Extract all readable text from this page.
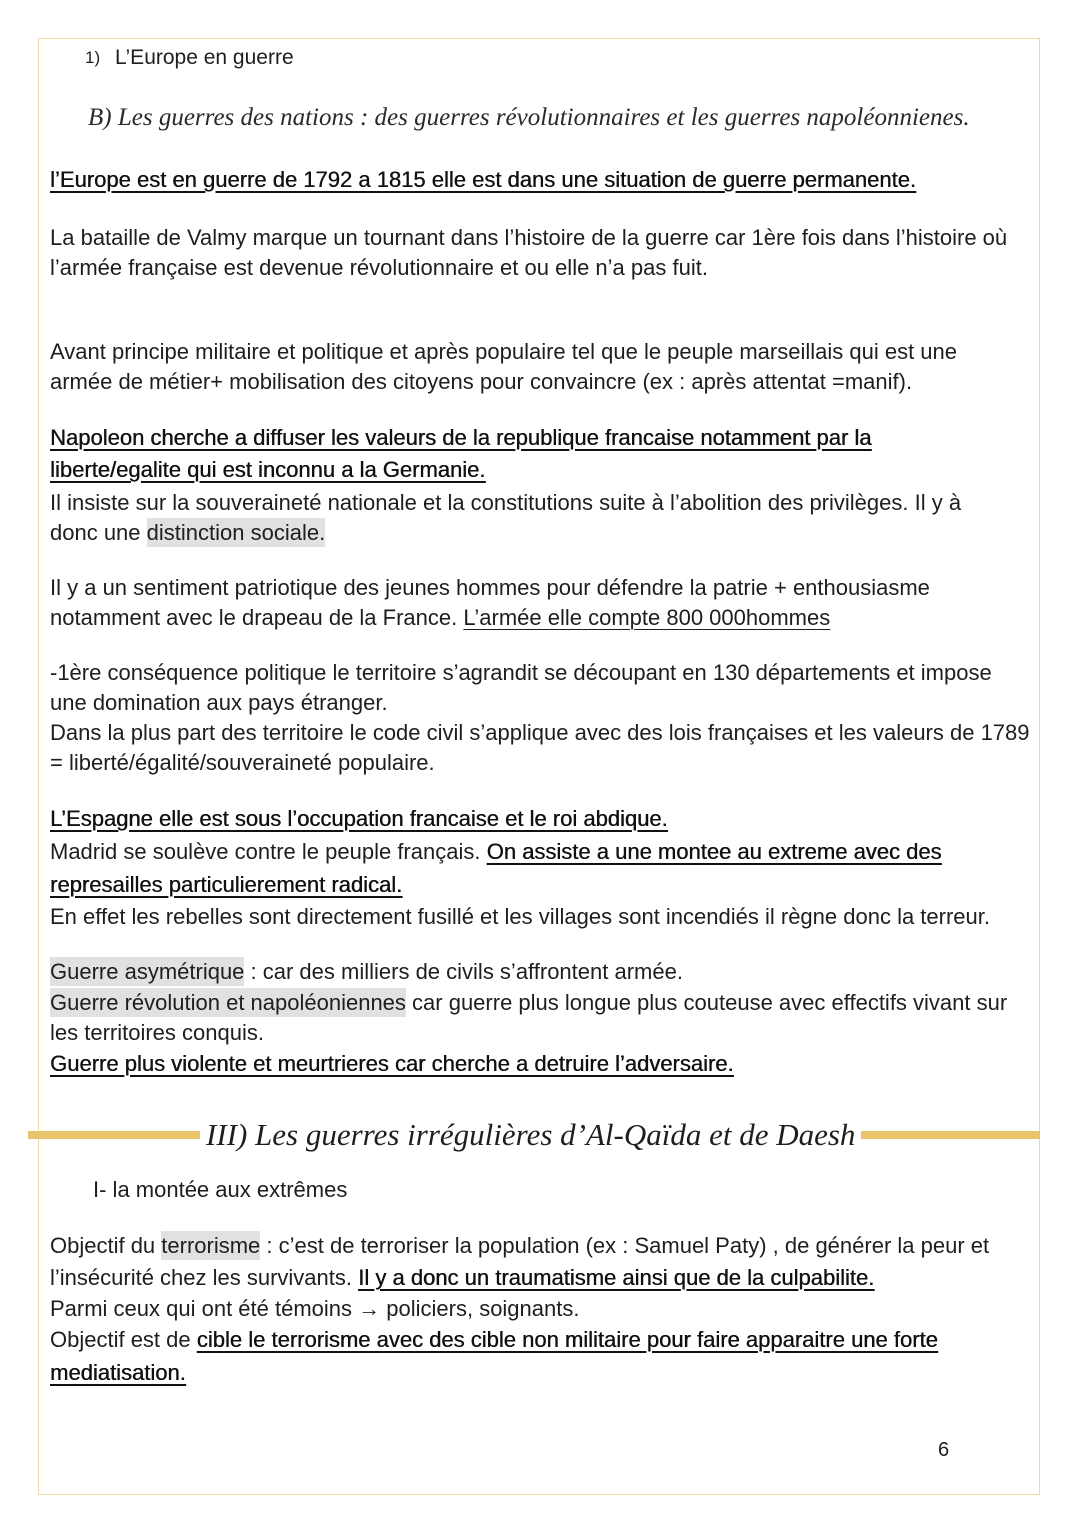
1) L’Europe en guerre
B) Les guerres des nations : des guerres révolutionnaires et les guerres napoléonnienes.
l’Europe est en guerre de 1792 a 1815 elle est dans une situation de guerre permanente.
La bataille de Valmy marque un tournant dans l’histoire de la guerre car 1ère fois dans l’histoire où
l’armée française est devenue révolutionnaire et ou elle n’a pas fuit.
Avant principe militaire et politique et après populaire tel que le peuple marseillais qui est une
armée de métier+ mobilisation des citoyens pour convaincre (ex : après attentat =manif).
Napoleon cherche a diffuser les valeurs de la republique francaise notamment par la
liberte/egalite qui est inconnu a la Germanie.
Il insiste sur la souveraineté nationale et la constitutions suite à l’abolition des privilèges. Il y à
donc une distinction sociale.
Il y a un sentiment patriotique des jeunes hommes pour défendre la patrie + enthousiasme
notamment avec le drapeau de la France. L’armée elle compte 800 000hommes
-1ère conséquence politique le territoire s’agrandit se découpant en 130 départements et impose
une domination aux pays étranger.
Dans la plus part des territoire le code civil s’applique avec des lois françaises et les valeurs de 1789
= liberté/égalité/souveraineté populaire.
L’Espagne elle est sous l’occupation francaise et le roi abdique.
Madrid se soulève contre le peuple français. On assiste a une montee au extreme avec des
represailles particulierement radical.
En effet les rebelles sont directement fusillé et les villages sont incendiés il règne donc la terreur.
Guerre asymétrique : car des milliers de civils s’affrontent armée.
Guerre révolution et napoléoniennes car guerre plus longue plus couteuse avec effectifs vivant sur
les territoires conquis.
Guerre plus violente et meurtrieres car cherche a detruire l’adversaire.
III) Les guerres irrégulières d’Al-Qaïda et de Daesh
I- la montée aux extrêmes
Objectif du terrorisme : c’est de terroriser la population (ex : Samuel Paty) , de générer la peur et
l’insécurité chez les survivants. Il y a donc un traumatisme ainsi que de la culpabilite.
Parmi ceux qui ont été témoins → policiers, soignants.
Objectif est de cible le terrorisme avec des cible non militaire pour faire apparaitre une forte
mediatisation.
6
